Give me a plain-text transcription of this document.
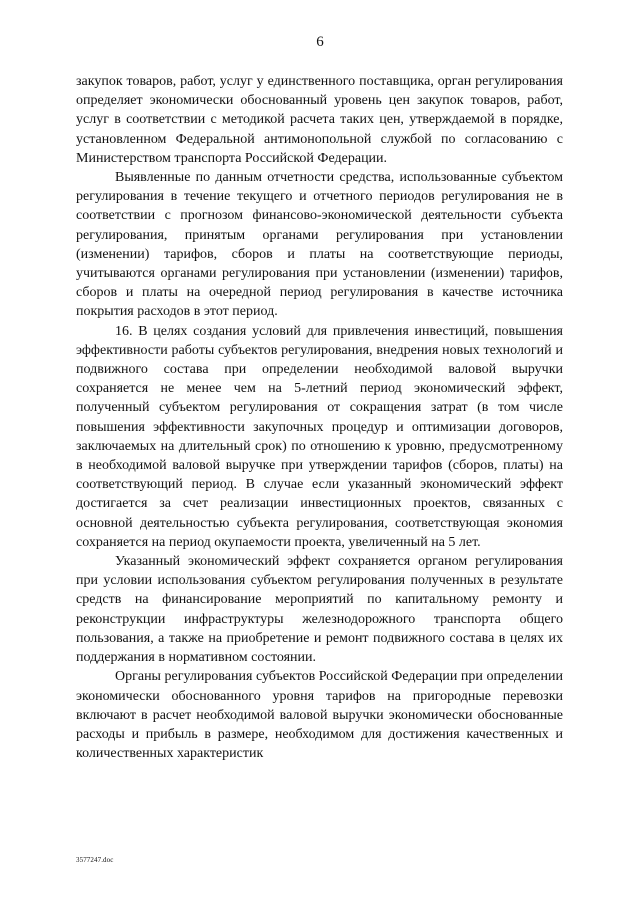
6

закупок товаров, работ, услуг у единственного поставщика, орган регулирования определяет экономически обоснованный уровень цен закупок товаров, работ, услуг в соответствии с методикой расчета таких цен, утверждаемой в порядке, установленном Федеральной антимонопольной службой по согласованию с Министерством транспорта Российской Федерации.

Выявленные по данным отчетности средства, использованные субъектом регулирования в течение текущего и отчетного периодов регулирования не в соответствии с прогнозом финансово-экономической деятельности субъекта регулирования, принятым органами регулирования при установлении (изменении) тарифов, сборов и платы на соответствующие периоды, учитываются органами регулирования при установлении (изменении) тарифов, сборов и платы на очередной период регулирования в качестве источника покрытия расходов в этот период.

16. В целях создания условий для привлечения инвестиций, повышения эффективности работы субъектов регулирования, внедрения новых технологий и подвижного состава при определении необходимой валовой выручки сохраняется не менее чем на 5-летний период экономический эффект, полученный субъектом регулирования от сокращения затрат (в том числе повышения эффективности закупочных процедур и оптимизации договоров, заключаемых на длительный срок) по отношению к уровню, предусмотренному в необходимой валовой выручке при утверждении тарифов (сборов, платы) на соответствующий период. В случае если указанный экономический эффект достигается за счет реализации инвестиционных проектов, связанных с основной деятельностью субъекта регулирования, соответствующая экономия сохраняется на период окупаемости проекта, увеличенный на 5 лет.

Указанный экономический эффект сохраняется органом регулирования при условии использования субъектом регулирования полученных в результате средств на финансирование мероприятий по капитальному ремонту и реконструкции инфраструктуры железнодорожного транспорта общего пользования, а также на приобретение и ремонт подвижного состава в целях их поддержания в нормативном состоянии.

Органы регулирования субъектов Российской Федерации при определении экономически обоснованного уровня тарифов на пригородные перевозки включают в расчет необходимой валовой выручки экономически обоснованные расходы и прибыль в размере, необходимом для достижения качественных и количественных характеристик

3577247.doc
